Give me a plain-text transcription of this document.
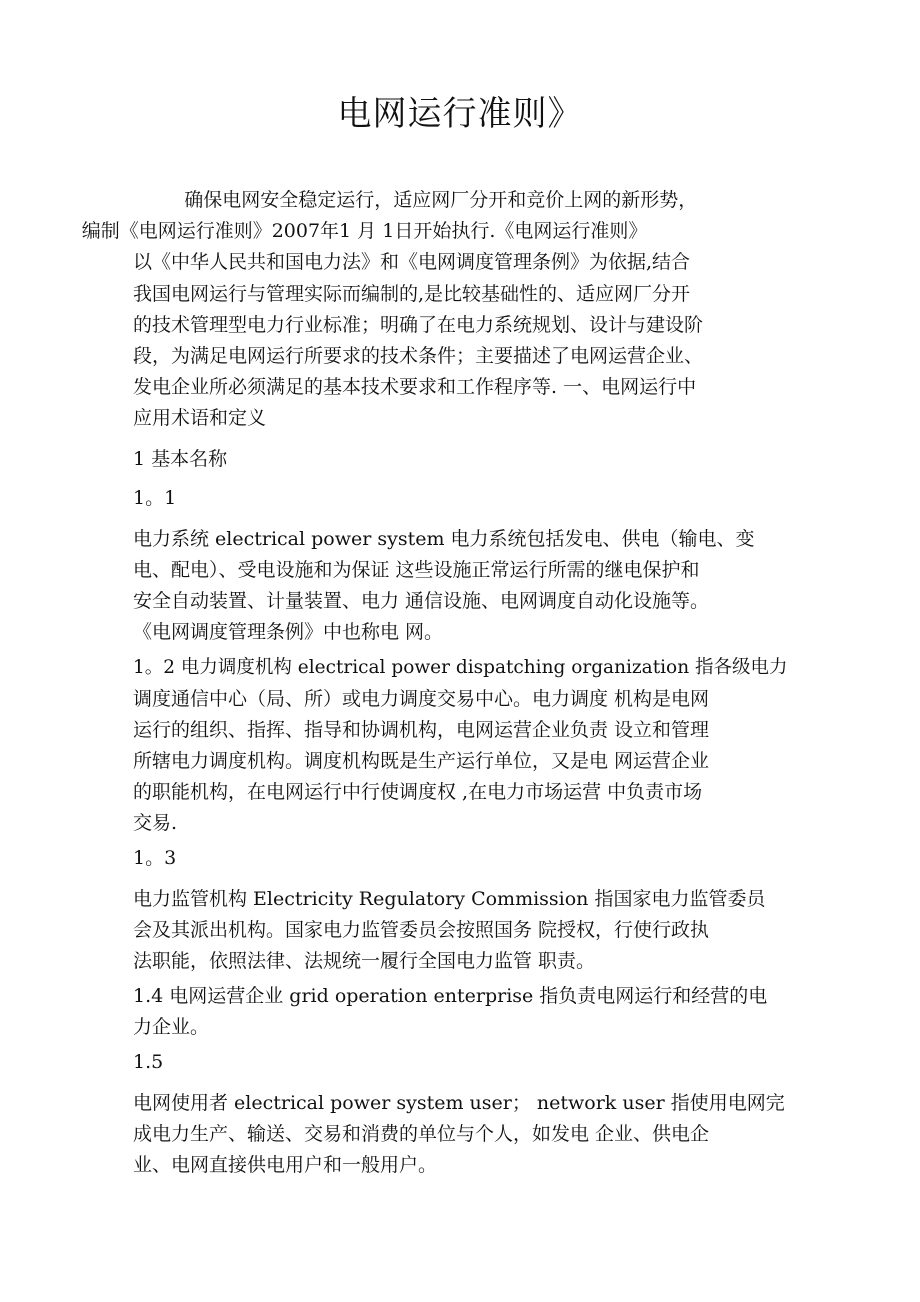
电网运行准则》

确保电网安全稳定运行，适应网厂分开和竞价上网的新形势，
编制《电网运行准则》2007年1 月 1日开始执行.《电网运行准则》
以《中华人民共和国电力法》和《电网调度管理条例》为依据,结合
我国电网运行与管理实际而编制的,是比较基础性的、适应网厂分开
的技术管理型电力行业标准；明确了在电力系统规划、设计与建设阶
段，为满足电网运行所要求的技术条件；主要描述了电网运营企业、
发电企业所必须满足的基本技术要求和工作程序等. 一、电网运行中
应用术语和定义

1 基本名称

1。1

电力系统 electrical power system 电力系统包括发电、供电（输电、变
电、配电）、受电设施和为保证 这些设施正常运行所需的继电保护和
安全自动装置、计量装置、电力 通信设施、电网调度自动化设施等。
《电网调度管理条例》中也称电 网。

1。2 电力调度机构 electrical power dispatching organization 指各级电力
调度通信中心（局、所）或电力调度交易中心。电力调度 机构是电网
运行的组织、指挥、指导和协调机构，电网运营企业负责 设立和管理
所辖电力调度机构。调度机构既是生产运行单位，又是电 网运营企业
的职能机构，在电网运行中行使调度权 ,在电力市场运营 中负责市场
交易.

1。3

电力监管机构 Electricity Regulatory Commission 指国家电力监管委员
会及其派出机构。国家电力监管委员会按照国务 院授权，行使行政执
法职能，依照法律、法规统一履行全国电力监管 职责。

1.4 电网运营企业 grid operation enterprise 指负责电网运行和经营的电
力企业。

1.5

电网使用者 electrical power system user； network user 指使用电网完
成电力生产、输送、交易和消费的单位与个人，如发电 企业、供电企
业、电网直接供电用户和一般用户。
